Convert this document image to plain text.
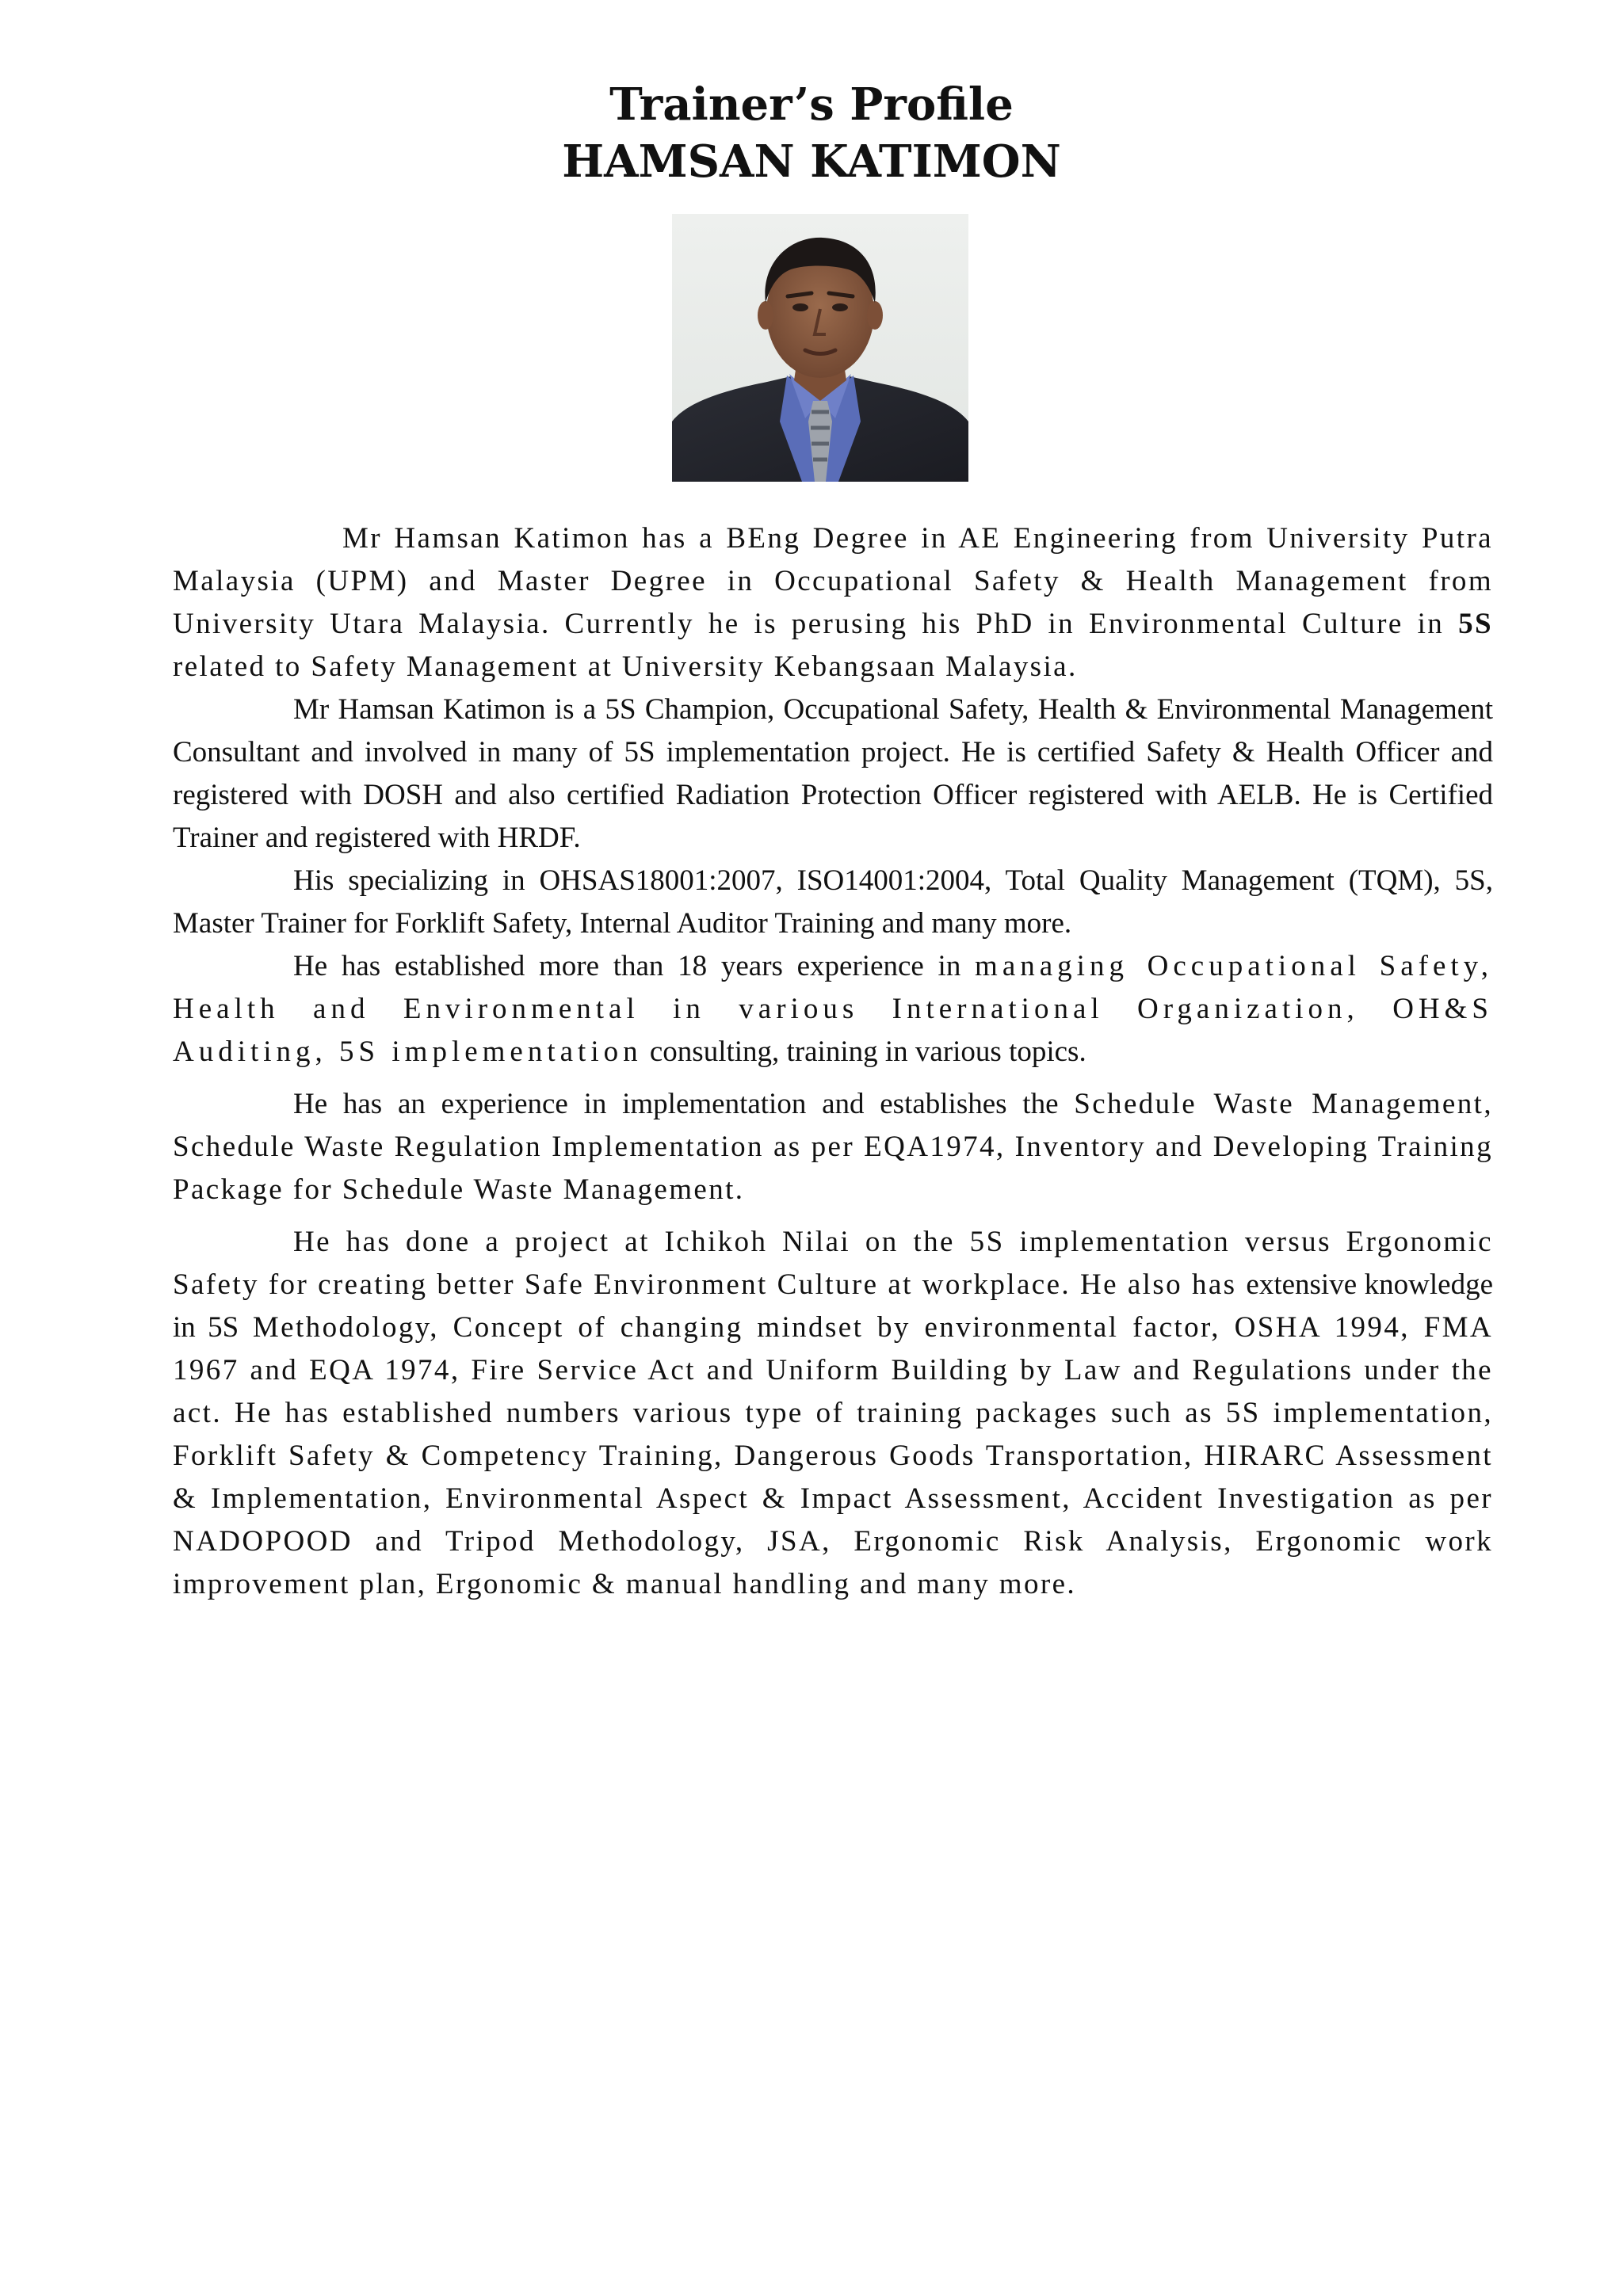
Trainer’s Profile
HAMSAN KATIMON

Mr Hamsan Katimon has a BEng Degree in AE Engineering from University Putra Malaysia (UPM) and Master Degree in Occupational Safety & Health Management from University Utara Malaysia. Currently he is perusing his PhD in Environmental Culture in 5S related to Safety Management at University Kebangsaan Malaysia.

Mr Hamsan Katimon is a 5S Champion, Occupational Safety, Health & Environmental Management Consultant and involved in many of 5S implementation project. He is certified Safety & Health Officer and registered with DOSH and also certified Radiation Protection Officer registered with AELB. He is Certified Trainer and registered with HRDF.

His specializing in OHSAS18001:2007, ISO14001:2004, Total Quality Management (TQM), 5S, Master Trainer for Forklift Safety, Internal Auditor Training and many more.

He has established more than 18 years experience in managing Occupational Safety, Health and Environmental in various International Organization, OH&S Auditing, 5S implementation consulting, training in various topics.

He has an experience in implementation and establishes the Schedule Waste Management, Schedule Waste Regulation Implementation as per EQA1974, Inventory and Developing Training Package for Schedule Waste Management.

He has done a project at Ichikoh Nilai on the 5S implementation versus Ergonomic Safety for creating better Safe Environment Culture at workplace. He also has extensive knowledge in 5S Methodology, Concept of changing mindset by environmental factor, OSHA 1994, FMA 1967 and EQA 1974, Fire Service Act and Uniform Building by Law and Regulations under the act. He has established numbers various type of training packages such as 5S implementation, Forklift Safety & Competency Training, Dangerous Goods Transportation, HIRARC Assessment & Implementation, Environmental Aspect & Impact Assessment, Accident Investigation as per NADOPOOD and Tripod Methodology, JSA, Ergonomic Risk Analysis, Ergonomic work improvement plan, Ergonomic & manual handling and many more.
